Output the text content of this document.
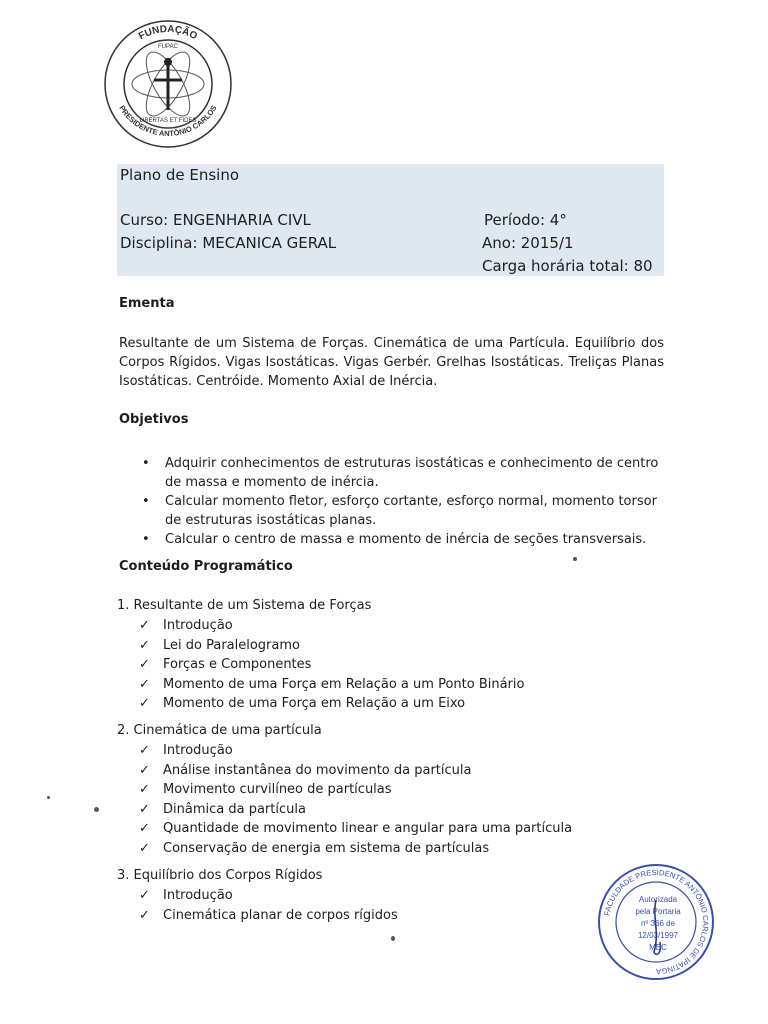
FUNDAÇÃO
FUPAC
LIBERTAS ET FIDES
PRESIDENTE ANTÔNIO CARLOS
Plano de Ensino
Curso: ENGENHARIA CIVL
Disciplina: MECANICA GERAL
Período: 4°
Ano: 2015/1
Carga horária total: 80
Ementa
Resultante de um Sistema de Forças. Cinemática de uma Partícula. Equilíbrio dos Corpos Rígidos. Vigas Isostáticas. Vigas Gerbér. Grelhas Isostáticas. Treliças Planas Isostáticas. Centróide. Momento Axial de Inércia.
Objetivos
• Adquirir conhecimentos de estruturas isostáticas e conhecimento de centro de massa e momento de inércia.
• Calcular momento fletor, esforço cortante, esforço normal, momento torsor de estruturas isostáticas planas.
• Calcular o centro de massa e momento de inércia de seções transversais.
Conteúdo Programático
1. Resultante de um Sistema de Forças
✓ Introdução
✓ Lei do Paralelogramo
✓ Forças e Componentes
✓ Momento de uma Força em Relação a um Ponto Binário
✓ Momento de uma Força em Relação a um Eixo
2. Cinemática de uma partícula
✓ Introdução
✓ Análise instantânea do movimento da partícula
✓ Movimento curvilíneo de partículas
✓ Dinâmica da partícula
✓ Quantidade de movimento linear e angular para uma partícula
✓ Conservação de energia em sistema de partículas
3. Equilíbrio dos Corpos Rígidos
✓ Introdução
✓ Cinemática planar de corpos rígidos	FACULDADE PRESIDENTE ANTÔNIO CARLOS DE IPATINGA
Autorizada
pela Portaria
nº 366 de
12/03/1997
MEC
